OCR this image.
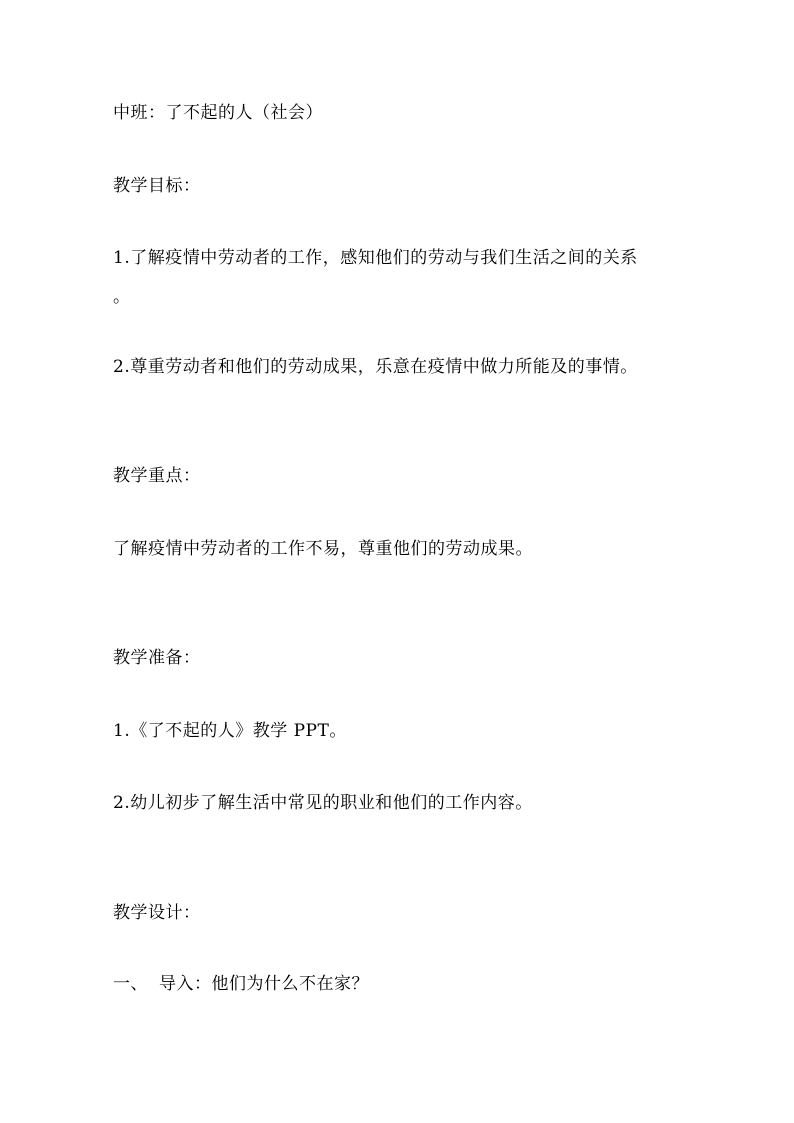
中班：了不起的人（社会）
教学目标：
1.了解疫情中劳动者的工作，感知他们的劳动与我们生活之间的关系
。
2.尊重劳动者和他们的劳动成果，乐意在疫情中做力所能及的事情。
教学重点：
了解疫情中劳动者的工作不易，尊重他们的劳动成果。
教学准备：
1.《了不起的人》教学 PPT。
2.幼儿初步了解生活中常见的职业和他们的工作内容。
教学设计：
一、 导入：他们为什么不在家？
